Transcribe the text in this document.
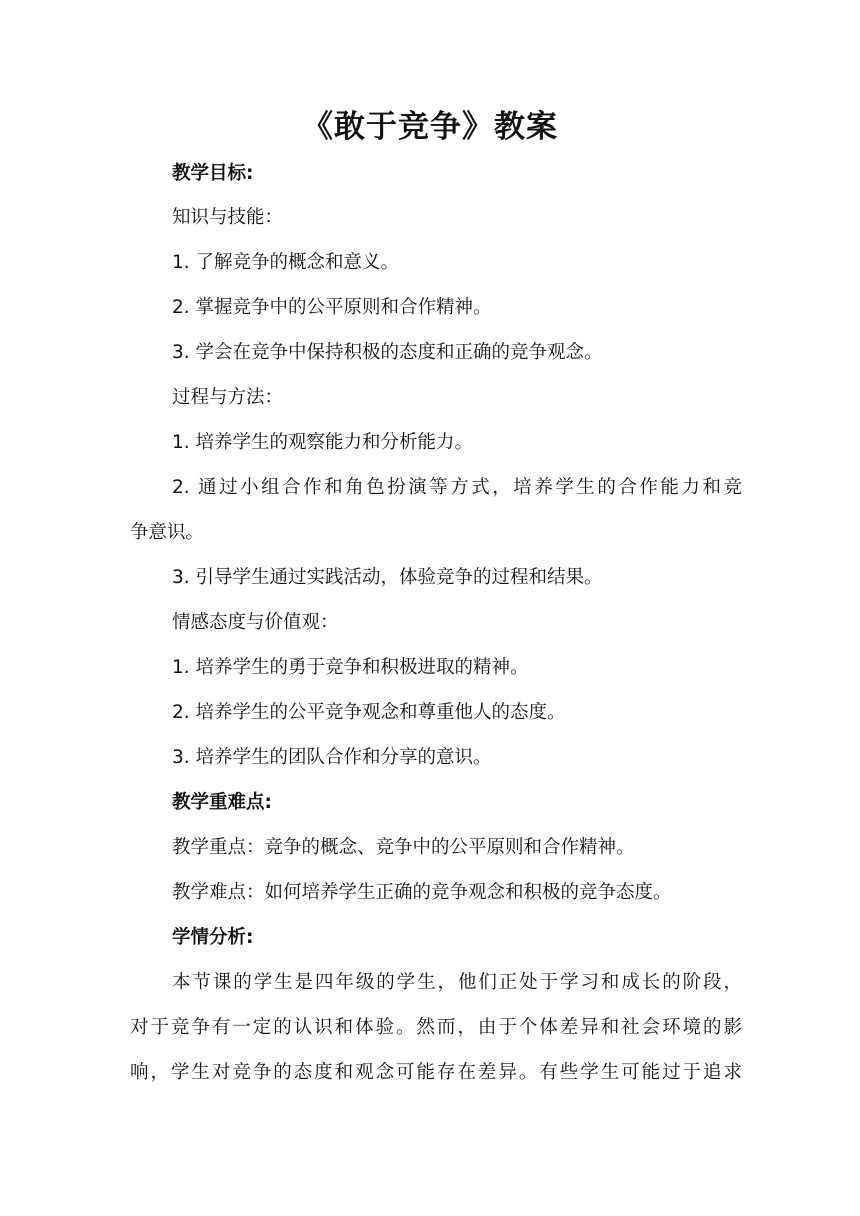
《敢于竞争》教案
教学目标:
知识与技能：
1. 了解竞争的概念和意义。
2. 掌握竞争中的公平原则和合作精神。
3. 学会在竞争中保持积极的态度和正确的竞争观念。
过程与方法：
1. 培养学生的观察能力和分析能力。
2. 通过小组合作和角色扮演等方式，培养学生的合作能力和竞
争意识。
3. 引导学生通过实践活动，体验竞争的过程和结果。
情感态度与价值观：
1. 培养学生的勇于竞争和积极进取的精神。
2. 培养学生的公平竞争观念和尊重他人的态度。
3. 培养学生的团队合作和分享的意识。
教学重难点:
教学重点：竞争的概念、竞争中的公平原则和合作精神。
教学难点：如何培养学生正确的竞争观念和积极的竞争态度。
学情分析:
本节课的学生是四年级的学生，他们正处于学习和成长的阶段，
对于竞争有一定的认识和体验。然而，由于个体差异和社会环境的影
响，学生对竞争的态度和观念可能存在差异。有些学生可能过于追求
